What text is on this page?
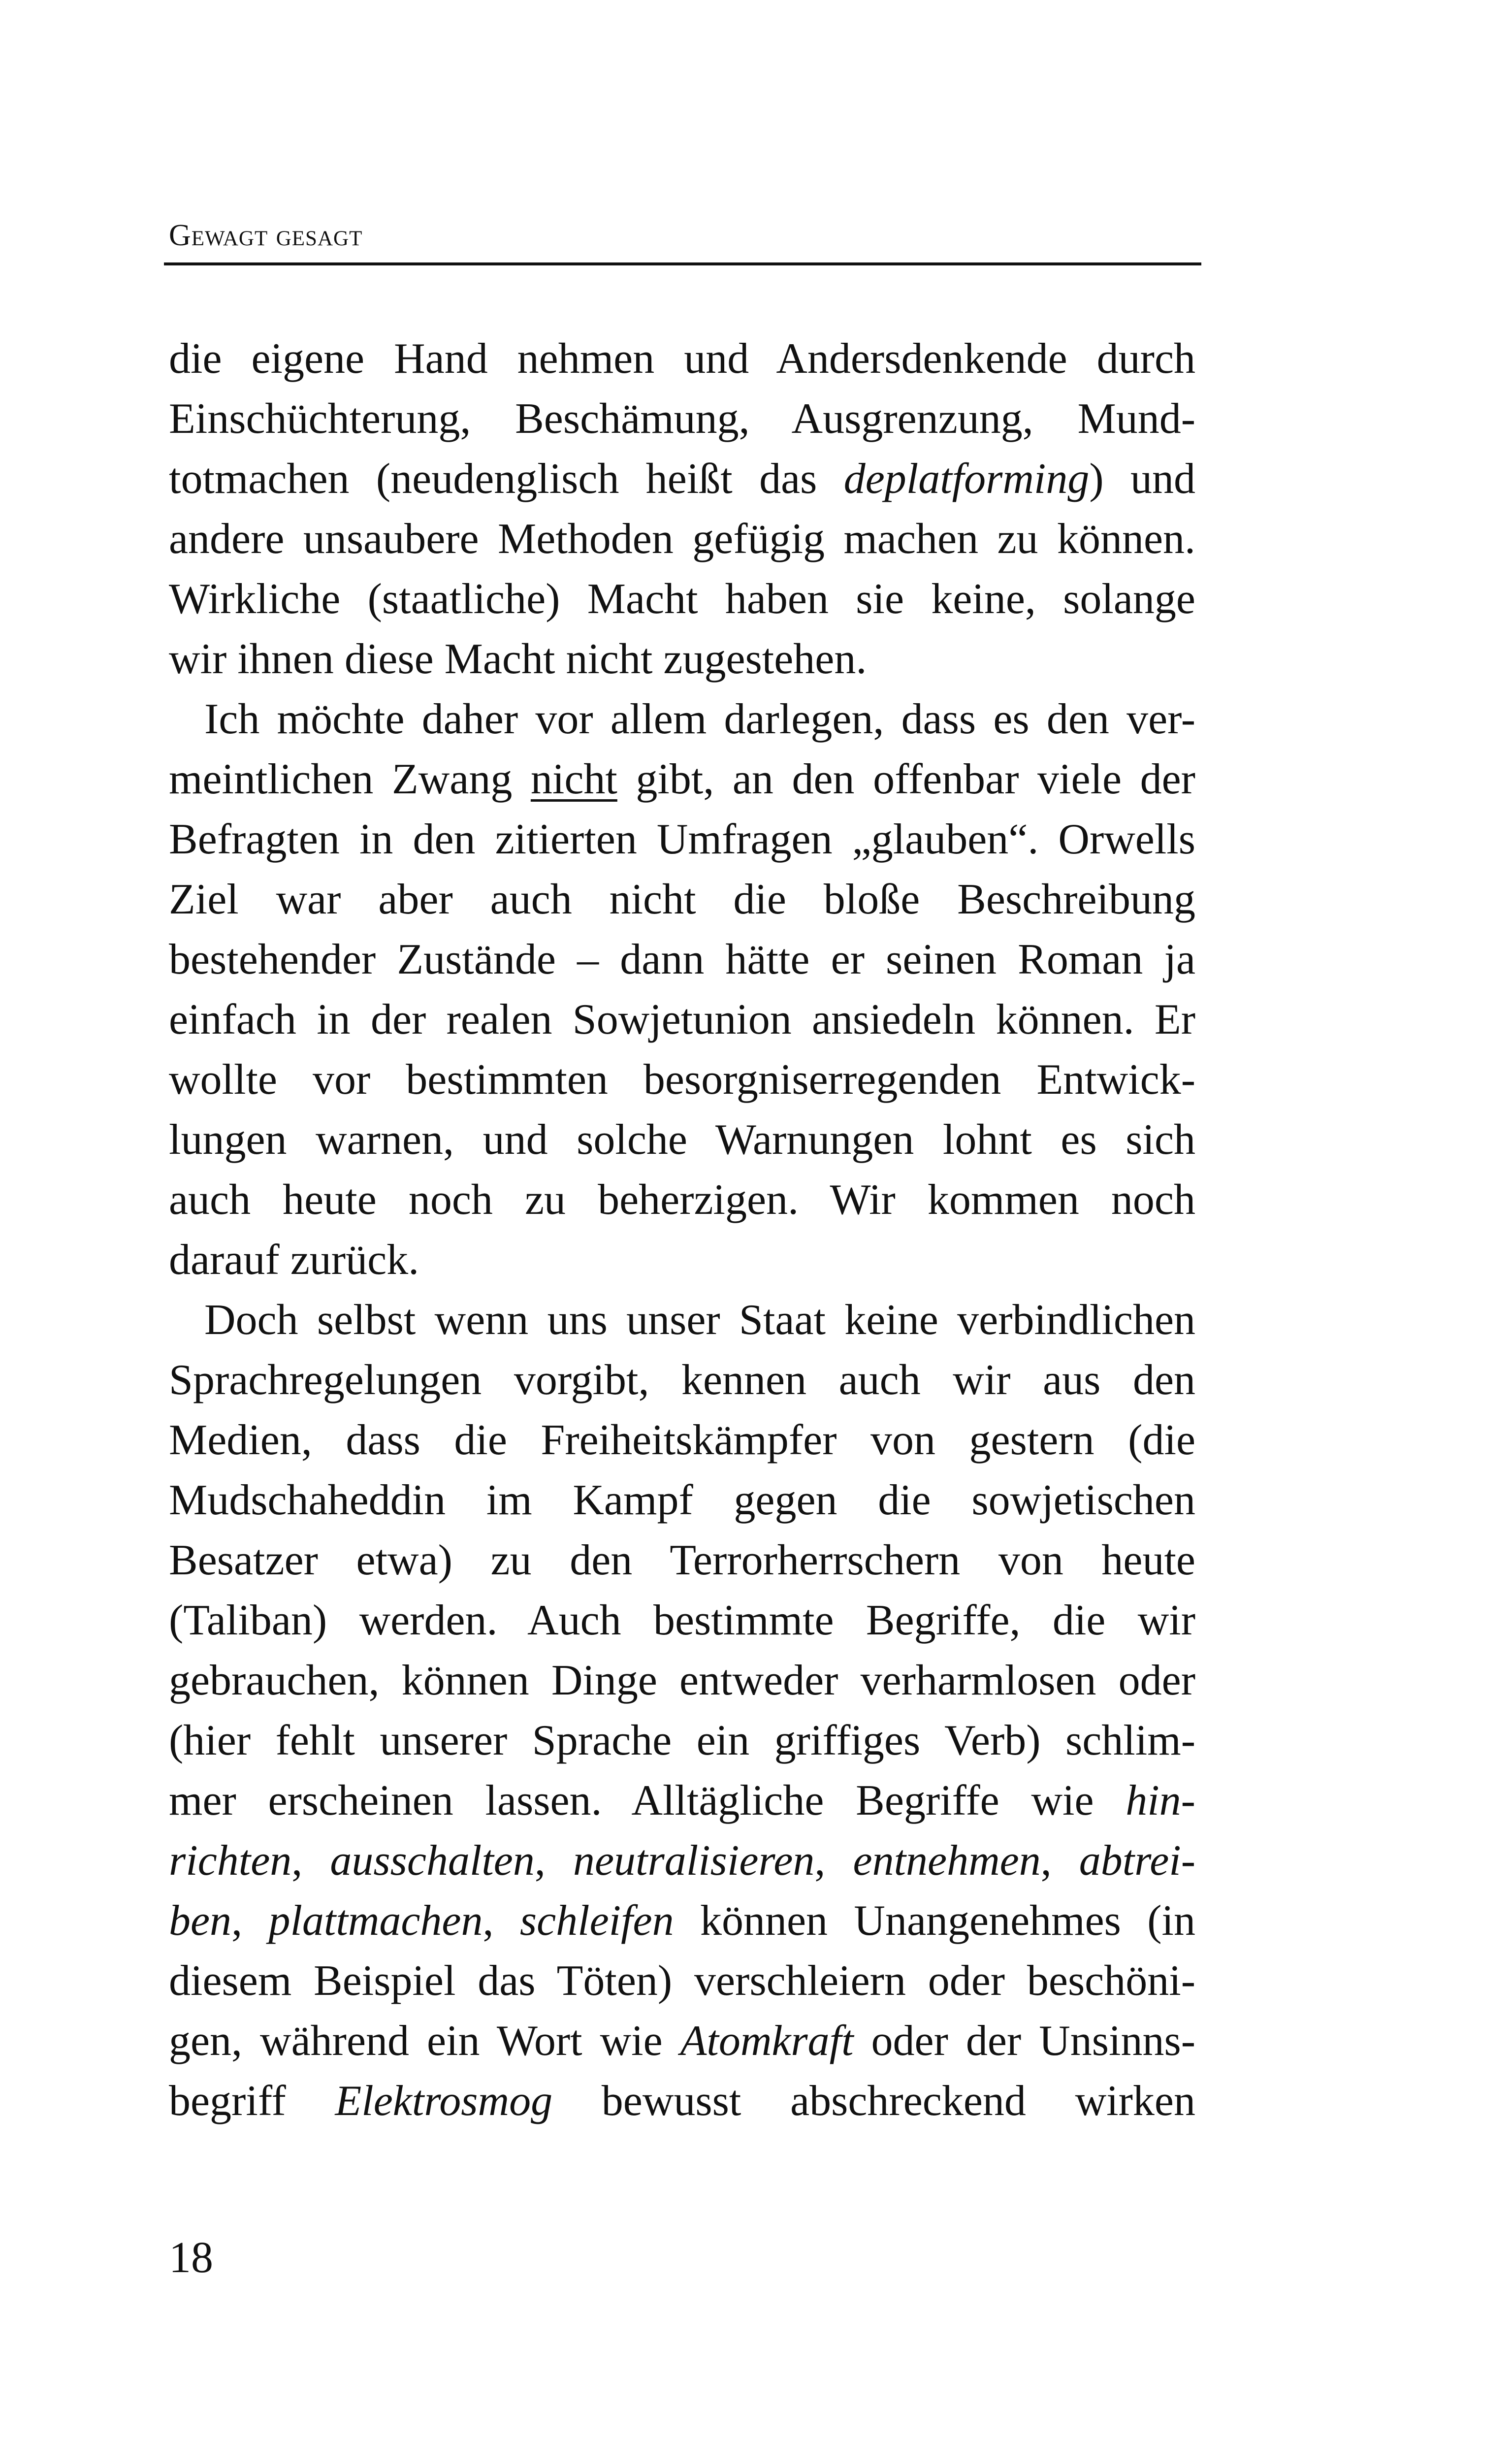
Gewagt gesagt
die eigene Hand nehmen und Andersdenkende durch
Einschüchterung, Beschämung, Ausgrenzung, Mund-
totmachen (neudenglisch heißt das deplatforming) und
andere unsaubere Methoden gefügig machen zu können.
Wirkliche (staatliche) Macht haben sie keine, solange
wir ihnen diese Macht nicht zugestehen.
Ich möchte daher vor allem darlegen, dass es den ver-
meintlichen Zwang nicht gibt, an den offenbar viele der
Befragten in den zitierten Umfragen „glauben“. Orwells
Ziel war aber auch nicht die bloße Beschreibung
bestehender Zustände – dann hätte er seinen Roman ja
einfach in der realen Sowjetunion ansiedeln können. Er
wollte vor bestimmten besorgniserregenden Entwick-
lungen warnen, und solche Warnungen lohnt es sich
auch heute noch zu beherzigen. Wir kommen noch
darauf zurück.
Doch selbst wenn uns unser Staat keine verbindlichen
Sprachregelungen vorgibt, kennen auch wir aus den
Medien, dass die Freiheitskämpfer von gestern (die
Mudschaheddin im Kampf gegen die sowjetischen
Besatzer etwa) zu den Terrorherrschern von heute
(Taliban) werden. Auch bestimmte Begriffe, die wir
gebrauchen, können Dinge entweder verharmlosen oder
(hier fehlt unserer Sprache ein griffiges Verb) schlim-
mer erscheinen lassen. Alltägliche Begriffe wie hin-
richten, ausschalten, neutralisieren, entnehmen, abtrei-
ben, plattmachen, schleifen können Unangenehmes (in
diesem Beispiel das Töten) verschleiern oder beschöni-
gen, während ein Wort wie Atomkraft oder der Unsinns-
begriff Elektrosmog bewusst abschreckend wirken
18
